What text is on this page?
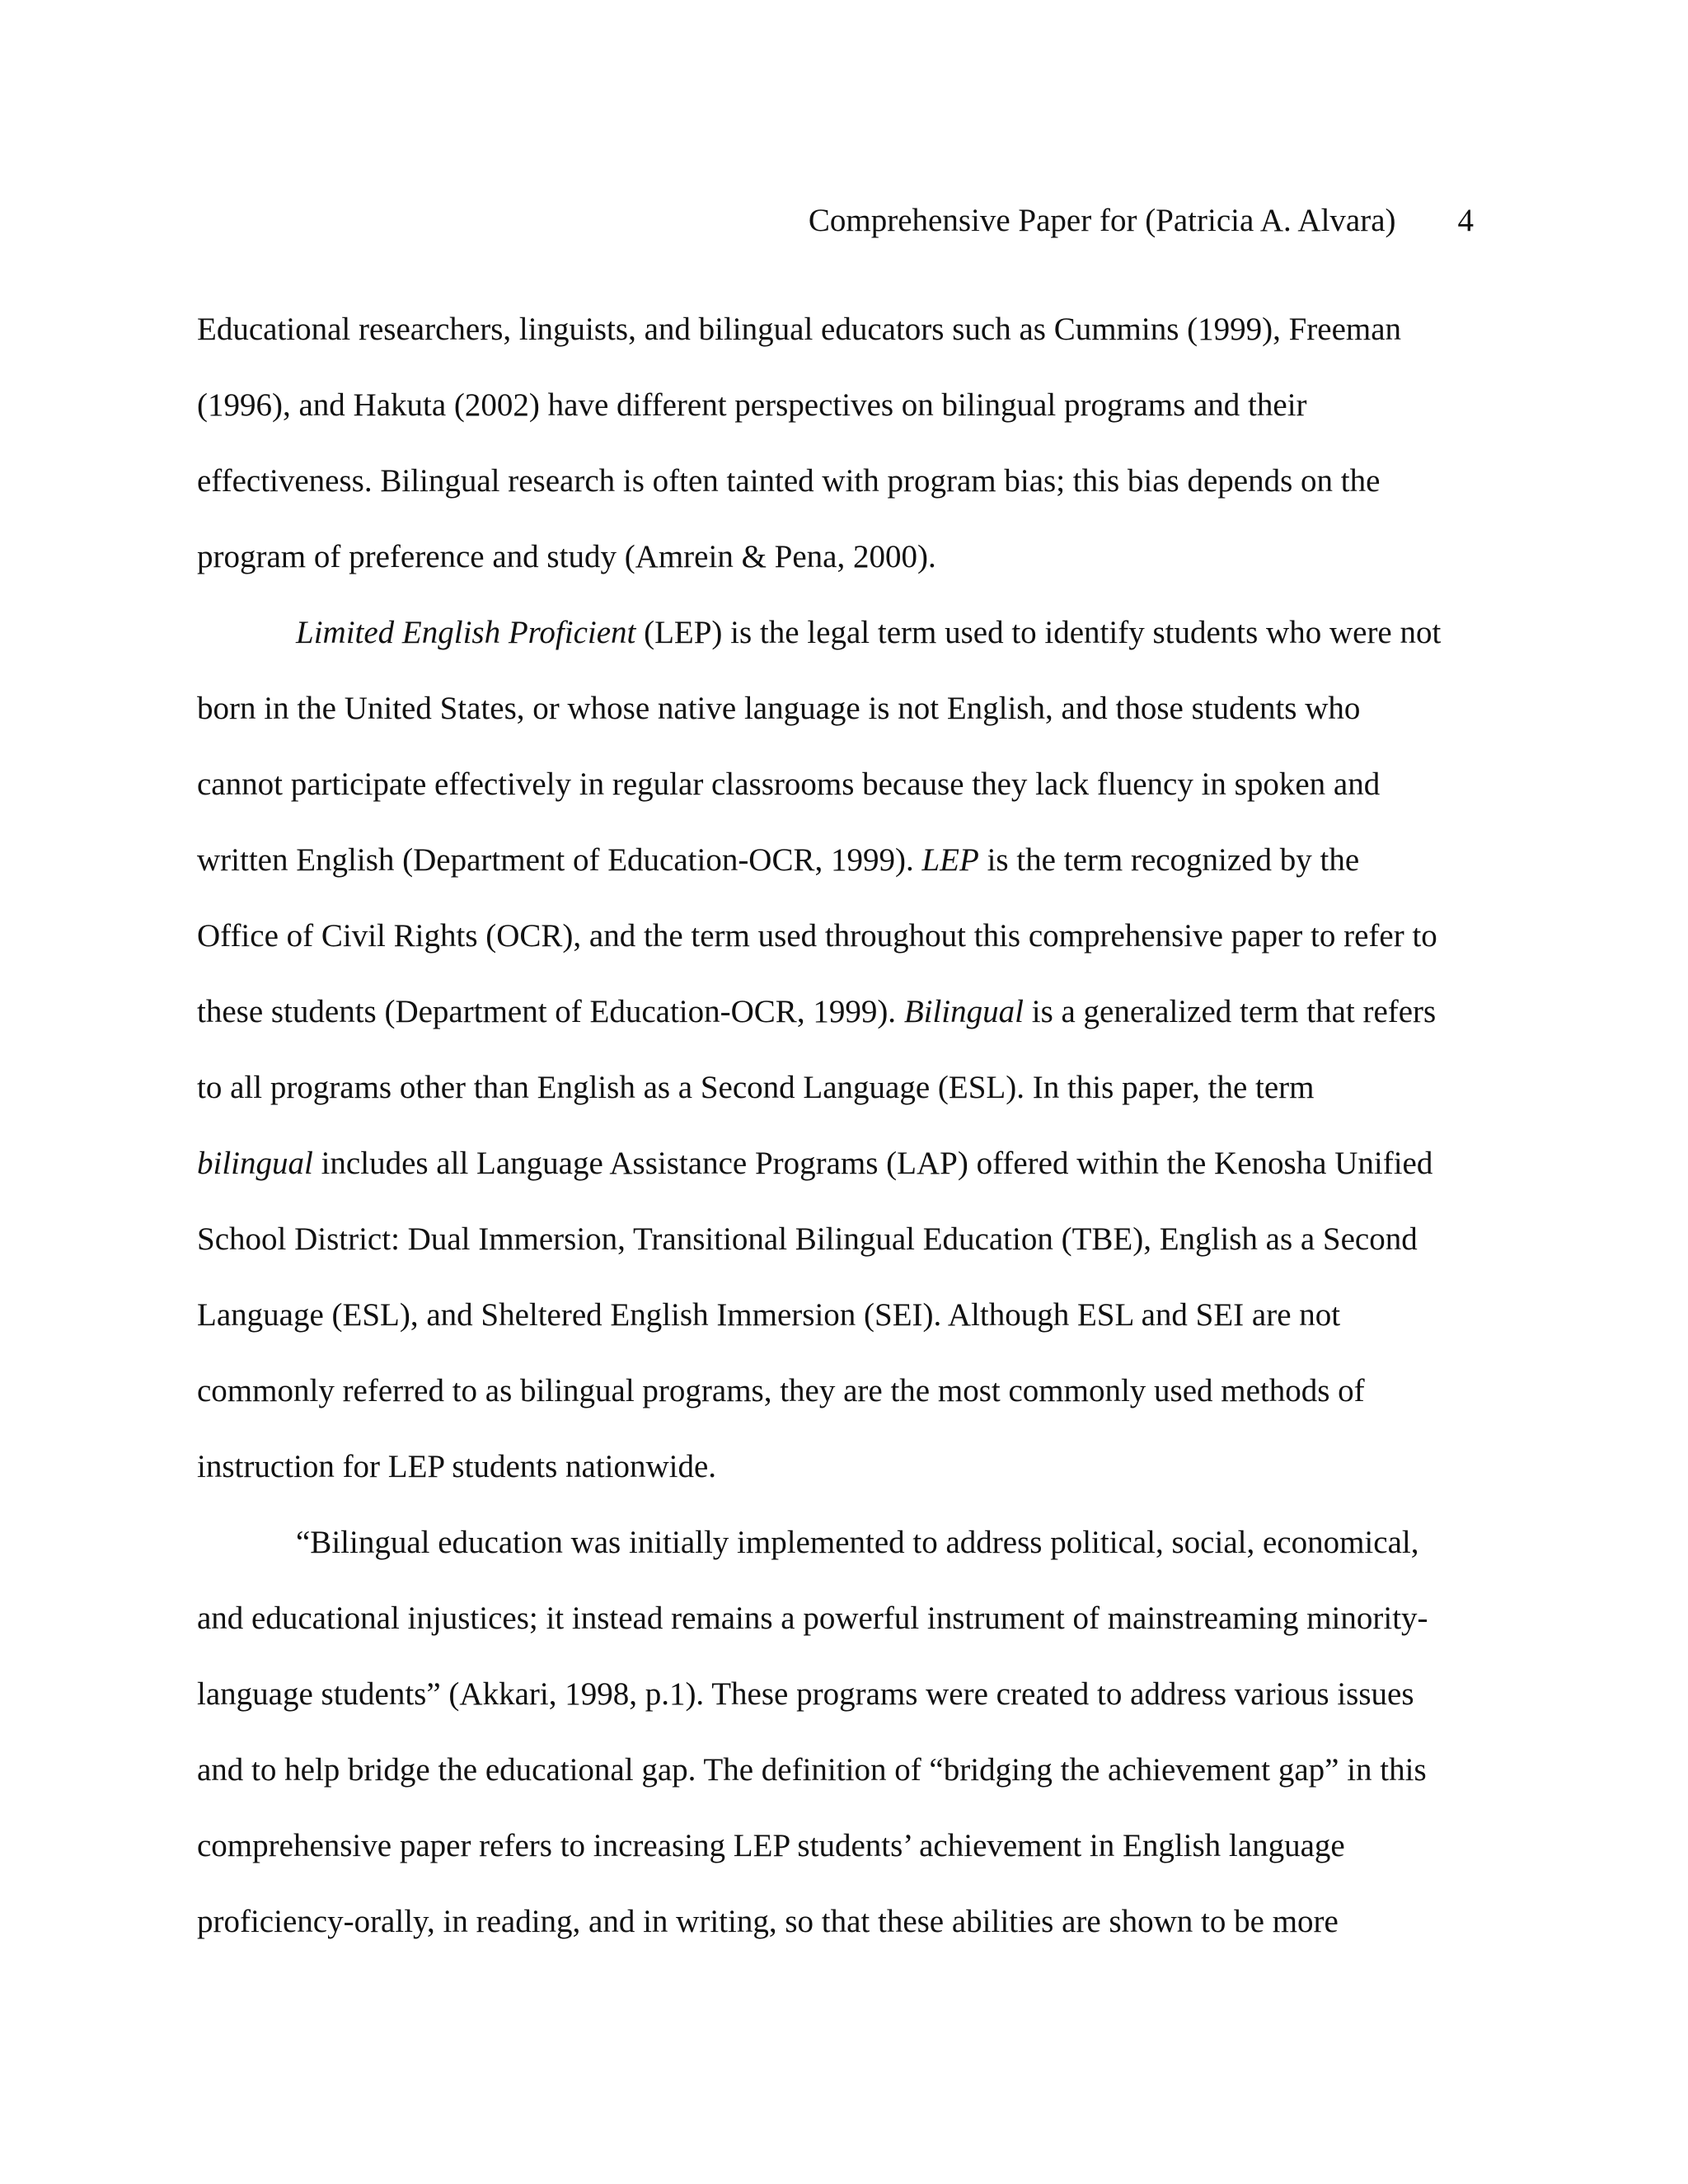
Comprehensive Paper for (Patricia A. Alvara) 4
Educational researchers, linguists, and bilingual educators such as Cummins (1999), Freeman
(1996), and Hakuta (2002) have different perspectives on bilingual programs and their
effectiveness. Bilingual research is often tainted with program bias; this bias depends on the
program of preference and study (Amrein & Pena, 2000).
Limited English Proficient (LEP) is the legal term used to identify students who were not
born in the United States, or whose native language is not English, and those students who
cannot participate effectively in regular classrooms because they lack fluency in spoken and
written English (Department of Education-OCR, 1999). LEP is the term recognized by the
Office of Civil Rights (OCR), and the term used throughout this comprehensive paper to refer to
these students (Department of Education-OCR, 1999). Bilingual is a generalized term that refers
to all programs other than English as a Second Language (ESL). In this paper, the term
bilingual includes all Language Assistance Programs (LAP) offered within the Kenosha Unified
School District: Dual Immersion, Transitional Bilingual Education (TBE), English as a Second
Language (ESL), and Sheltered English Immersion (SEI). Although ESL and SEI are not
commonly referred to as bilingual programs, they are the most commonly used methods of
instruction for LEP students nationwide.
“Bilingual education was initially implemented to address political, social, economical,
and educational injustices; it instead remains a powerful instrument of mainstreaming minority-
language students” (Akkari, 1998, p.1). These programs were created to address various issues
and to help bridge the educational gap. The definition of “bridging the achievement gap” in this
comprehensive paper refers to increasing LEP students’ achievement in English language
proficiency-orally, in reading, and in writing, so that these abilities are shown to be more
